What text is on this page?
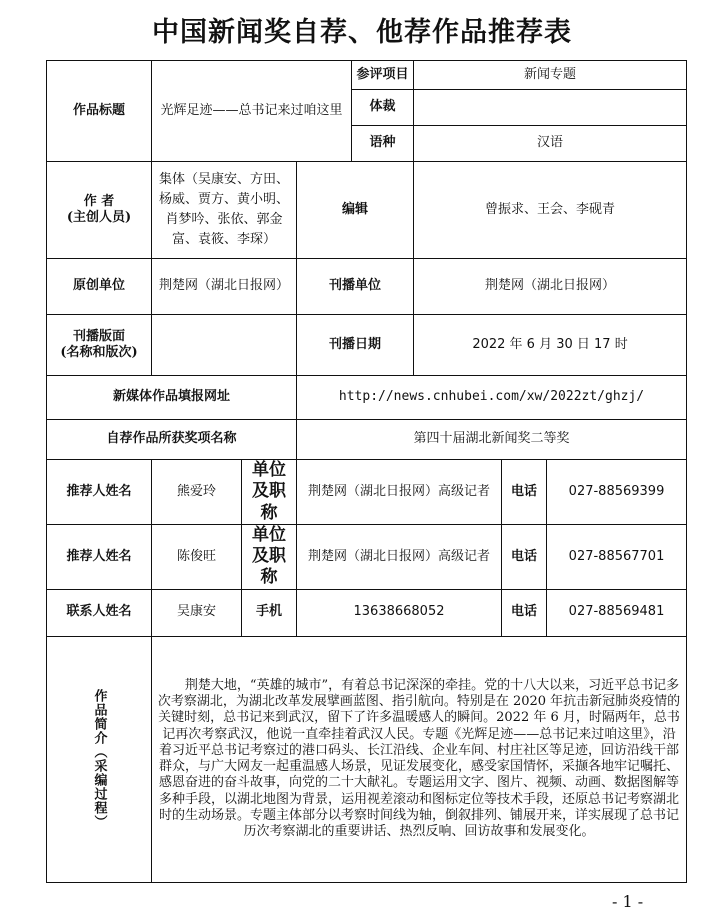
中国新闻奖自荐、他荐作品推荐表
作品标题	光辉足迹——总书记来过咱这里			参评项目	新闻专题		
				体裁			
				语种	汉语		
作 者
(主创人员)	集体（吴康安、方田、杨威、贾方、黄小明、肖梦吟、张依、郭金富、袁筱、李琛）		编辑		曾振求、王会、李砚青		
原创单位	荆楚网（湖北日报网）		刊播单位		荆楚网（湖北日报网）		
刊播版面
(名称和版次)			刊播日期		2022 年 6 月 30 日 17 时		
新媒体作品填报网址			http://news.cnhubei.com/xw/2022zt/ghzj/				
自荐作品所获奖项名称			第四十届湖北新闻奖二等奖				
推荐人姓名	熊爱玲	单位及职称	荆楚网（湖北日报网）高级记者			电话	027-88569399
推荐人姓名	陈俊旺	单位及职称	荆楚网（湖北日报网）高级记者			电话	027-88567701
联系人姓名	吴康安	手机	13638668052			电话	027-88569481

作品简介（采编过程）	荆楚大地，“英雄的城市”，有着总书记深深的牵挂。党的十八大以来，习近平总书记多次考察湖北，为湖北改革发展擘画蓝图、指引航向。特别是在 2020 年抗击新冠肺炎疫情的关键时刻，总书记来到武汉，留下了许多温暖感人的瞬间。2022 年 6 月，时隔两年，总书记再次考察武汉，他说一直牵挂着武汉人民。专题《光辉足迹——总书记来过咱这里》，沿着习近平总书记考察过的港口码头、长江沿线、企业车间、村庄社区等足迹，回访沿线干部群众，与广大网友一起重温感人场景，见证发展变化，感受家国情怀，采撷各地牢记嘱托、感恩奋进的奋斗故事，向党的二十大献礼。专题运用文字、图片、视频、动画、数据图解等多种手段，以湖北地图为背景，运用视差滚动和图标定位等技术手段，还原总书记考察湖北时的生动场景。专题主体部分以考察时间线为轴，倒叙排列、铺展开来，详实展现了总书记历次考察湖北的重要讲话、热烈反响、回访故事和发展变化。						
- 1 -
